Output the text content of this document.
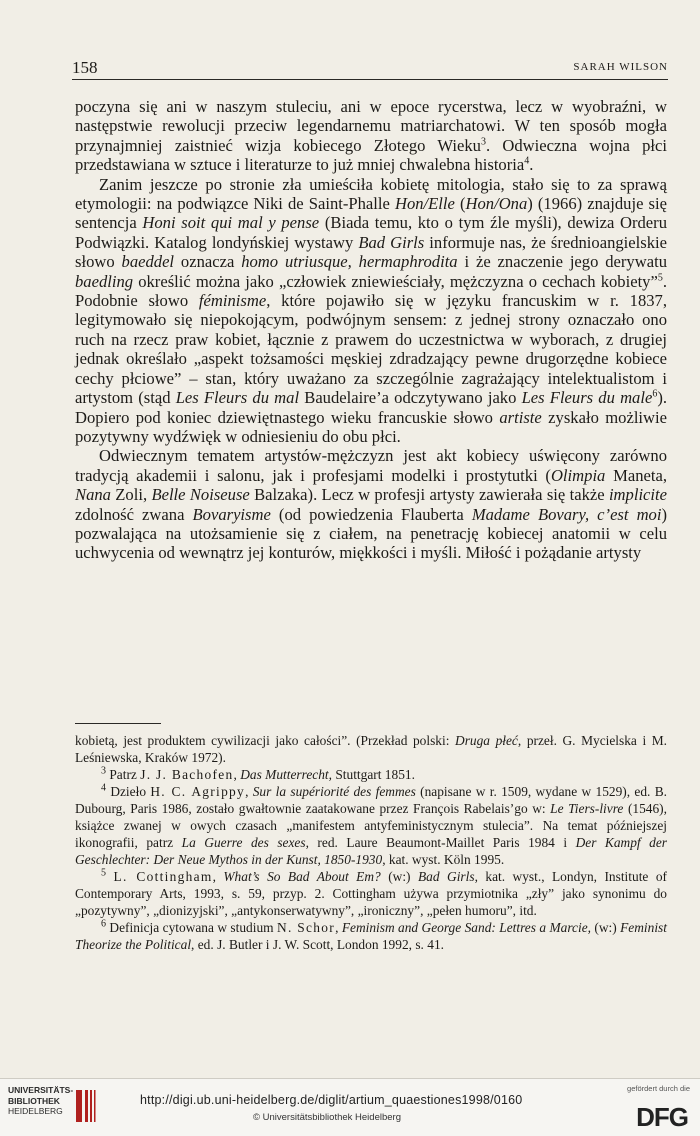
158	SARAH WILSON

poczyna się ani w naszym stuleciu, ani w epoce rycerstwa, lecz w wyobraźni, w następstwie rewolucji przeciw legendarnemu matriarchatowi. W ten sposób mogła przynajmniej zaistnieć wizja kobiecego Złotego Wieku$^3$. Odwieczna wojna płci przedstawiana w sztuce i literaturze to już mniej chwalebna historia$^4$.

Zanim jeszcze po stronie zła umieściła kobietę mitologia, stało się to za sprawą etymologii: na podwiązce Niki de Saint-Phalle Hon/Elle (Hon/Ona) (1966) znajduje się sentencja Honi soit qui mal y pense (Biada temu, kto o tym źle myśli), dewiza Orderu Podwiązki. Katalog londyńskiej wystawy Bad Girls informuje nas, że średnioangielskie słowo baeddel oznacza homo utriusque, hermaphrodita i że znaczenie jego derywatu baedling określić można jako „człowiek zniewieściały, mężczyzna o cechach kobiety”$^5$. Podobnie słowo féminisme, które pojawiło się w języku francuskim w r. 1837, legitymowało się niepokojącym, podwójnym sensem: z jednej strony oznaczało ono ruch na rzecz praw kobiet, łącznie z prawem do uczestnictwa w wyborach, z drugiej jednak określało „aspekt tożsamości męskiej zdradzający pewne drugorzędne kobiece cechy płciowe” – stan, który uważano za szczególnie zagrażający intelektualistom i artystom (stąd Les Fleurs du mal Baudelaire’a odczytywano jako Les Fleurs du male$^6$). Dopiero pod koniec dziewiętnastego wieku francuskie słowo artiste zyskało możliwie pozytywny wydźwięk w odniesieniu do obu płci.

Odwiecznym tematem artystów-mężczyzn jest akt kobiecy uświęcony zarówno tradycją akademii i salonu, jak i profesjami modelki i prostytutki (Olimpia Maneta, Nana Zoli, Belle Noiseuse Balzaka). Lecz w profesji artysty zawierała się także implicite zdolność zwana Bovaryisme (od powiedzenia Flauberta Madame Bovary, c’est moi) pozwalająca na utożsamienie się z ciałem, na penetrację kobiecej anatomii w celu uchwycenia od wewnątrz jej konturów, miękkości i myśli. Miłość i pożądanie artysty

kobietą, jest produktem cywilizacji jako całości”. (Przekład polski: Druga płeć, przeł. G. Mycielska i M. Leśniewska, Kraków 1972).

$^3$ Patrz J. J. Bachofen, Das Mutterrecht, Stuttgart 1851.

$^4$ Dzieło H. C. Agrippy, Sur la supériorité des femmes (napisane w r. 1509, wydane w 1529), ed. B. Dubourg, Paris 1986, zostało gwałtownie zaatakowane przez François Rabelais’go w: Le Tiers-livre (1546), książce zwanej w owych czasach „manifestem antyfeministycznym stulecia”. Na temat późniejszej ikonografii, patrz La Guerre des sexes, red. Laure Beaumont-Maillet Paris 1984 i Der Kampf der Geschlechter: Der Neue Mythos in der Kunst, 1850-1930, kat. wyst. Köln 1995.

$^5$ L. Cottingham, What’s So Bad About Em? (w:) Bad Girls, kat. wyst., Londyn, Institute of Contemporary Arts, 1993, s. 59, przyp. 2. Cottingham używa przymiotnika „zły” jako synonimu do „pozytywny”, „dionizyjski”, „antykonserwatywny”, „ironiczny”, „pełen humoru”, itd.

$^6$ Definicja cytowana w studium N. Schor, Feminism and George Sand: Lettres a Marcie, (w:) Feminist Theorize the Political, ed. J. Butler i J. W. Scott, London 1992, s. 41.

UNIVERSITÄTS-
BIBLIOTHEK
HEIDELBERG
http://digi.ub.uni-heidelberg.de/diglit/artium_quaestiones1998/0160
© Universitätsbibliothek Heidelberg
gefördert durch die
DFG
